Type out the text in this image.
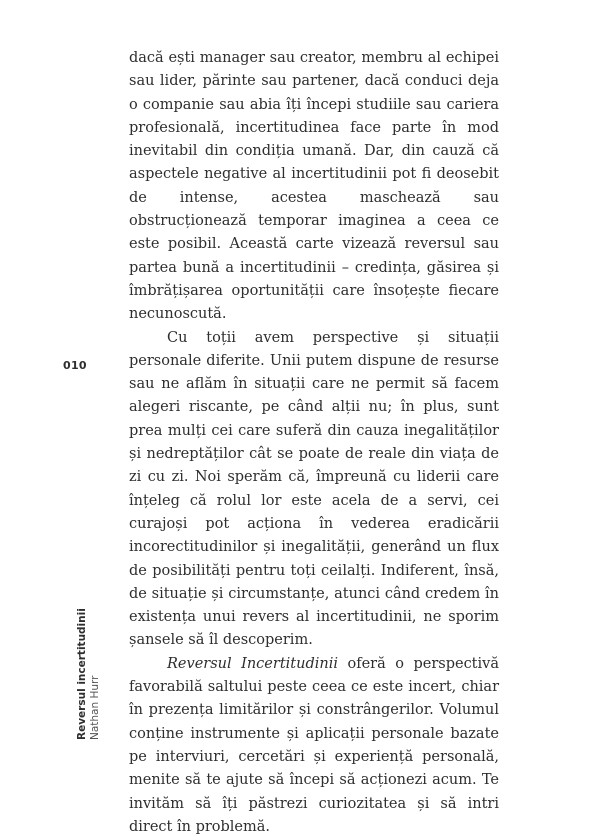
dacă ești manager sau creator, membru al echipei sau lider, părinte sau partener, dacă conduci deja o companie sau abia îți începi studiile sau cariera profesională, incertitudinea face parte în mod inevitabil din condiția umană. Dar, din cauză că aspectele negative al incertitudinii pot fi deosebit de intense, acestea maschează sau obstrucționează temporar imaginea a ceea ce este posibil. Această carte vizează reversul sau partea bună a incertitudinii – credința, găsirea și îmbrățișarea oportunității care însoțește fiecare necunoscută.

Cu toții avem perspective și situații personale diferite. Unii putem dispune de resurse sau ne aflăm în situații care ne permit să facem alegeri riscante, pe când alții nu; în plus, sunt prea mulți cei care suferă din cauza inegalităților și nedreptăților cât se poate de reale din viața de zi cu zi. Noi sperăm că, împreună cu liderii care înțeleg că rolul lor este acela de a servi, cei curajoși pot acționa în vederea eradicării incorectitudinilor și inegalității, generând un flux de posibilități pentru toți ceilalți. Indiferent, însă, de situație și circumstanțe, atunci când credem în existența unui revers al incertitudinii, ne sporim șansele să îl descoperim.

Reversul Incertitudinii oferă o perspectivă favorabilă saltului peste ceea ce este incert, chiar în prezența limitărilor și constrângerilor. Volumul conține instrumente și aplicații personale bazate pe interviuri, cercetări și experiență personală, menite să te ajute să începi să acționezi acum. Te invităm să îți păstrezi curiozitatea și să intri direct în problemă.

010
Reversul incertitudinii Nathan Hurr
